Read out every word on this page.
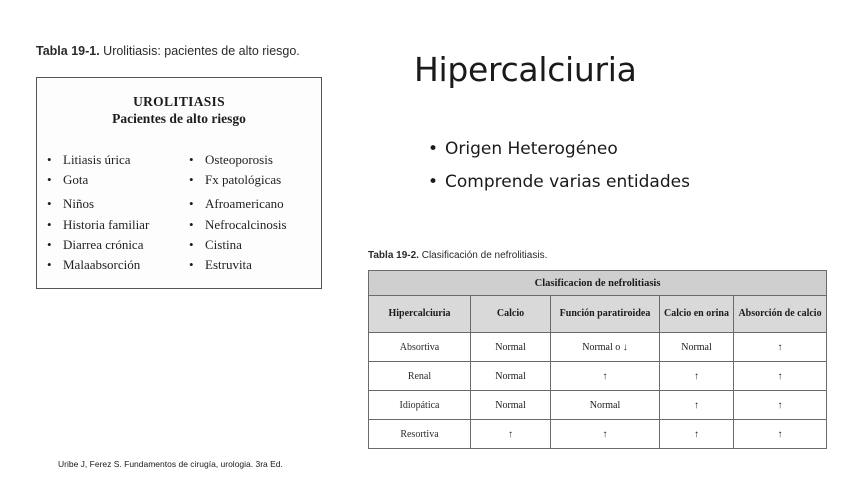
Tabla 19-1. Urolitiasis: pacientes de alto riesgo.
UROLITIASIS
Pacientes de alto riesgo
• Litiasis úrica
• Gota
• Niños
• Historia familiar
• Diarrea crónica
• Malaabsorción
• Osteoporosis
• Fx patológicas
• Afroamericano
• Nefrocalcinosis
• Cistina
• Estruvita
Hipercalciuria
• Origen Heterogéneo
• Comprende varias entidades
Tabla 19-2. Clasificación de nefrolitiasis.
Clasificacion de nefrolitiasis				
Hipercalciuria	Calcio	Función paratiroidea	Calcio en orina	Absorción de calcio
Absortiva	Normal	Normal o ↓	Normal	↑
Renal	Normal	↑	↑	↑
Idiopática	Normal	Normal	↑	↑
Resortiva	↑	↑	↑	↑
Uribe J, Ferez S. Fundamentos de cirugía, urologia. 3ra Ed.
